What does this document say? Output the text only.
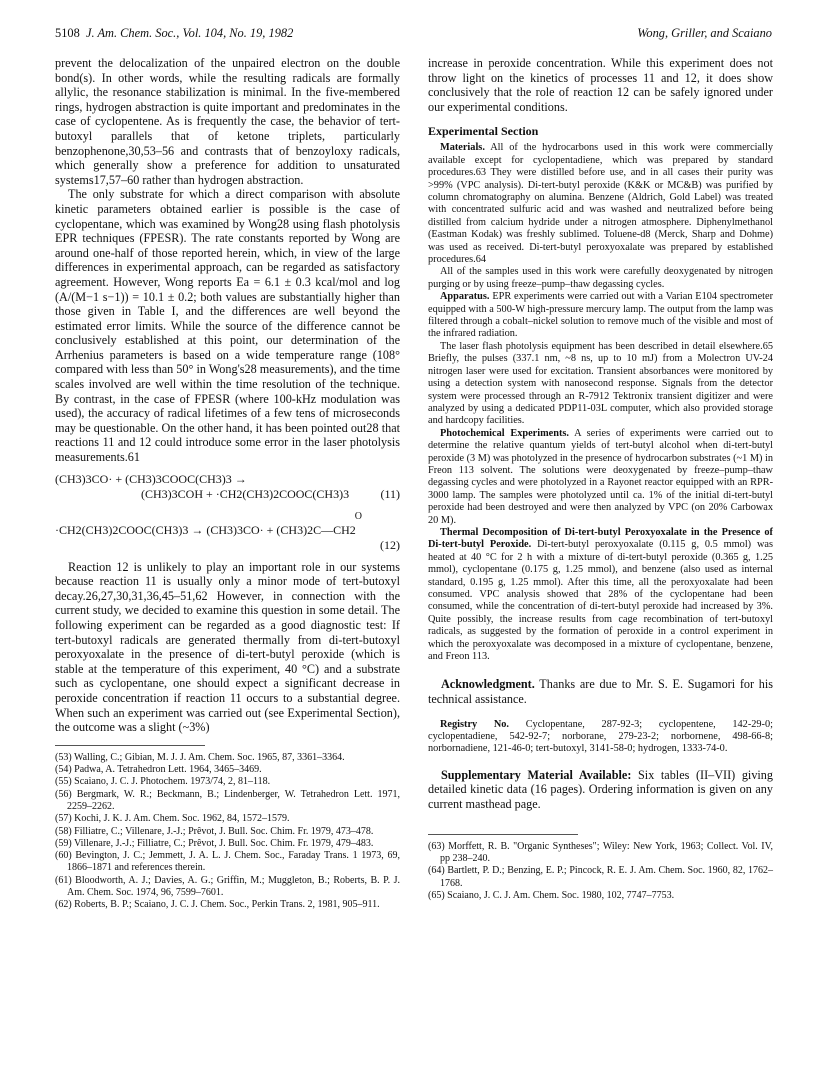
5108 J. Am. Chem. Soc., Vol. 104, No. 19, 1982	Wong, Griller, and Scaiano

prevent the delocalization of the unpaired electron on the double bond(s). In other words, while the resulting radicals are formally allylic, the resonance stabilization is minimal. In the five-membered rings, hydrogen abstraction is quite important and predominates in the case of cyclopentene. As is frequently the case, the behavior of tert-butoxyl parallels that of ketone triplets, particularly benzophenone,30,53–56 and contrasts that of benzoyloxy radicals, which generally show a preference for addition to unsaturated systems17,57–60 rather than hydrogen abstraction.

The only substrate for which a direct comparison with absolute kinetic parameters obtained earlier is possible is the case of cyclopentane, which was examined by Wong28 using flash photolysis EPR techniques (FPESR). The rate constants reported by Wong are around one-half of those reported herein, which, in view of the large differences in experimental approach, can be regarded as satisfactory agreement. However, Wong reports Ea = 6.1 ± 0.3 kcal/mol and log (A/(M−1 s−1)) = 10.1 ± 0.2; both values are substantially higher than those given in Table I, and the differences are well beyond the estimated error limits. While the source of the difference cannot be conclusively established at this point, our determination of the Arrhenius parameters is based on a wide temperature range (108° compared with less than 50° in Wong's28 measurements), and the time scales involved are well within the time resolution of the technique. By contrast, in the case of FPESR (where 100-kHz modulation was used), the accuracy of radical lifetimes of a few tens of microseconds may be questionable. On the other hand, it has been pointed out28 that reactions 11 and 12 could introduce some error in the laser photolysis measurements.61

(CH3)3CO· + (CH3)3COOC(CH3)3 →
(CH3)3COH + ·CH2(CH3)2COOC(CH3)3	(11)
O
·CH2(CH3)2COOC(CH3)3 → (CH3)3CO· + (CH3)2C—CH2
(12)

Reaction 12 is unlikely to play an important role in our systems because reaction 11 is usually only a minor mode of tert-butoxyl decay.26,27,30,31,36,45–51,62 However, in connection with the current study, we decided to examine this question in some detail. The following experiment can be regarded as a good diagnostic test: If tert-butoxyl radicals are generated thermally from di-tert-butoxyl peroxyoxalate in the presence of di-tert-butyl peroxide (which is stable at the temperature of this experiment, 40 °C) and a substrate such as cyclopentane, one should expect a significant decrease in peroxide concentration if reaction 11 occurs to a substantial degree. When such an experiment was carried out (see Experimental Section), the outcome was a slight (~3%)

(53) Walling, C.; Gibian, M. J. J. Am. Chem. Soc. 1965, 87, 3361–3364.

(54) Padwa, A. Tetrahedron Lett. 1964, 3465–3469.

(55) Scaiano, J. C. J. Photochem. 1973/74, 2, 81–118.

(56) Bergmark, W. R.; Beckmann, B.; Lindenberger, W. Tetrahedron Lett. 1971, 2259–2262.

(57) Kochi, J. K. J. Am. Chem. Soc. 1962, 84, 1572–1579.

(58) Filliatre, C.; Villenare, J.-J.; Prêvot, J. Bull. Soc. Chim. Fr. 1979, 473–478.

(59) Villenare, J.-J.; Filliatre, C.; Prêvot, J. Bull. Soc. Chim. Fr. 1979, 479–483.

(60) Bevington, J. C.; Jemmett, J. A. L. J. Chem. Soc., Faraday Trans. 1 1973, 69, 1866–1871 and references therein.

(61) Bloodworth, A. J.; Davies, A. G.; Griffin, M.; Muggleton, B.; Roberts, B. P. J. Am. Chem. Soc. 1974, 96, 7599–7601.

(62) Roberts, B. P.; Scaiano, J. C. J. Chem. Soc., Perkin Trans. 2, 1981, 905–911.

increase in peroxide concentration. While this experiment does not throw light on the kinetics of processes 11 and 12, it does show conclusively that the role of reaction 12 can be safely ignored under our experimental conditions.

Experimental Section

Materials. All of the hydrocarbons used in this work were commercially available except for cyclopentadiene, which was prepared by standard procedures.63 They were distilled before use, and in all cases their purity was >99% (VPC analysis). Di-tert-butyl peroxide (K&K or MC&B) was purified by column chromatography on alumina. Benzene (Aldrich, Gold Label) was treated with concentrated sulfuric acid and was washed and neutralized before being distilled from calcium hydride under a nitrogen atmosphere. Diphenylmethanol (Eastman Kodak) was freshly sublimed. Toluene-d8 (Merck, Sharp and Dohme) was used as received. Di-tert-butyl peroxyoxalate was prepared by established procedures.64

All of the samples used in this work were carefully deoxygenated by nitrogen purging or by using freeze–pump–thaw degassing cycles.

Apparatus. EPR experiments were carried out with a Varian E104 spectrometer equipped with a 500-W high-pressure mercury lamp. The output from the lamp was filtered through a cobalt–nickel solution to remove much of the visible and most of the infrared radiation.

The laser flash photolysis equipment has been described in detail elsewhere.65 Briefly, the pulses (337.1 nm, ~8 ns, up to 10 mJ) from a Molectron UV-24 nitrogen laser were used for excitation. Transient absorbances were monitored by using a detection system with nanosecond response. Signals from the detector system were processed through an R-7912 Tektronix transient digitizer and were analyzed by using a dedicated PDP11-03L computer, which also provided storage and hardcopy facilities.

Photochemical Experiments. A series of experiments were carried out to determine the relative quantum yields of tert-butyl alcohol when di-tert-butyl peroxide (3 M) was photolyzed in the presence of hydrocarbon substrates (~1 M) in Freon 113 solvent. The solutions were deoxygenated by freeze–pump–thaw degassing cycles and were photolyzed in a Rayonet reactor equipped with an RPR-3000 lamp. The samples were photolyzed until ca. 1% of the initial di-tert-butyl peroxide had been destroyed and were then analyzed by VPC (on 20% Carbowax 20 M).

Thermal Decomposition of Di-tert-butyl Peroxyoxalate in the Presence of Di-tert-butyl Peroxide. Di-tert-butyl peroxyoxalate (0.115 g, 0.5 mmol) was heated at 40 °C for 2 h with a mixture of di-tert-butyl peroxide (0.365 g, 1.25 mmol), cyclopentane (0.175 g, 1.25 mmol), and benzene (also used as internal standard, 0.195 g, 1.25 mmol). After this time, all the peroxyoxalate had been consumed. VPC analysis showed that 28% of the cyclopentane had been consumed, while the concentration of di-tert-butyl peroxide had increased by 3%. Quite possibly, the increase results from cage recombination of tert-butoxyl radicals, as suggested by the formation of peroxide in a control experiment in which the peroxyoxalate was decomposed in a mixture of cyclopentane, benzene, and Freon 113.

Acknowledgment. Thanks are due to Mr. S. E. Sugamori for his technical assistance.

Registry No. Cyclopentane, 287-92-3; cyclopentene, 142-29-0; cyclopentadiene, 542-92-7; norborane, 279-23-2; norbornene, 498-66-8; norbornadiene, 121-46-0; tert-butoxyl, 3141-58-0; hydrogen, 1333-74-0.

Supplementary Material Available: Six tables (II–VII) giving detailed kinetic data (16 pages). Ordering information is given on any current masthead page.

(63) Morffett, R. B. "Organic Syntheses"; Wiley: New York, 1963; Collect. Vol. IV, pp 238–240.

(64) Bartlett, P. D.; Benzing, E. P.; Pincock, R. E. J. Am. Chem. Soc. 1960, 82, 1762–1768.

(65) Scaiano, J. C. J. Am. Chem. Soc. 1980, 102, 7747–7753.
